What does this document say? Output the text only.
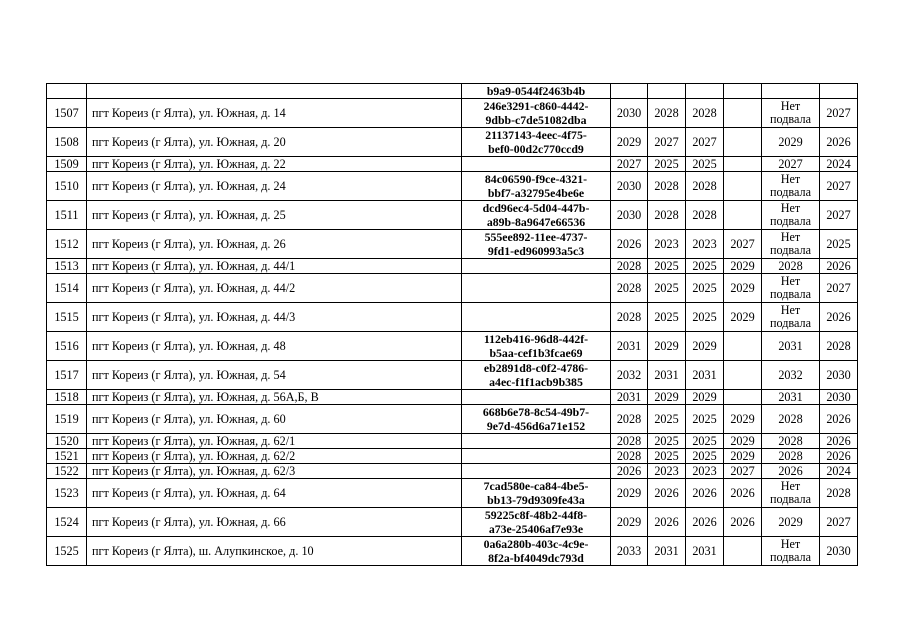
		b9a9-0544f2463b4b						

1507	пгт Кореиз (г Ялта), ул. Южная, д. 14	246e3291-c860-4442-
9dbb-c7de51082dba	2030	2028	2028		Нет подвала	2027
1508	пгт Кореиз (г Ялта), ул. Южная, д. 20	21137143-4eec-4f75-
bef0-00d2c770ccd9	2029	2027	2027		2029	2026
1509	пгт Кореиз (г Ялта), ул. Южная, д. 22		2027	2025	2025		2027	2024
1510	пгт Кореиз (г Ялта), ул. Южная, д. 24	84c06590-f9ce-4321-
bbf7-a32795e4be6e	2030	2028	2028		Нет подвала	2027
1511	пгт Кореиз (г Ялта), ул. Южная, д. 25	dcd96ec4-5d04-447b-
a89b-8a9647e66536	2030	2028	2028		Нет подвала	2027
1512	пгт Кореиз (г Ялта), ул. Южная, д. 26	555ee892-11ee-4737-
9fd1-ed960993a5c3	2026	2023	2023	2027	Нет подвала	2025
1513	пгт Кореиз (г Ялта), ул. Южная, д. 44/1		2028	2025	2025	2029	2028	2026
1514	пгт Кореиз (г Ялта), ул. Южная, д. 44/2		2028	2025	2025	2029	Нет подвала	2027
1515	пгт Кореиз (г Ялта), ул. Южная, д. 44/3		2028	2025	2025	2029	Нет подвала	2026
1516	пгт Кореиз (г Ялта), ул. Южная, д. 48	112eb416-96d8-442f-
b5aa-cef1b3fcae69	2031	2029	2029		2031	2028
1517	пгт Кореиз (г Ялта), ул. Южная, д. 54	eb2891d8-c0f2-4786-
a4ec-f1f1acb9b385	2032	2031	2031		2032	2030
1518	пгт Кореиз (г Ялта), ул. Южная, д. 56А,Б, В		2031	2029	2029		2031	2030
1519	пгт Кореиз (г Ялта), ул. Южная, д. 60	668b6e78-8c54-49b7-
9e7d-456d6a71e152	2028	2025	2025	2029	2028	2026
1520	пгт Кореиз (г Ялта), ул. Южная, д. 62/1		2028	2025	2025	2029	2028	2026
1521	пгт Кореиз (г Ялта), ул. Южная, д. 62/2		2028	2025	2025	2029	2028	2026
1522	пгт Кореиз (г Ялта), ул. Южная, д. 62/3		2026	2023	2023	2027	2026	2024
1523	пгт Кореиз (г Ялта), ул. Южная, д. 64	7cad580e-ca84-4be5-
bb13-79d9309fe43a	2029	2026	2026	2026	Нет подвала	2028
1524	пгт Кореиз (г Ялта), ул. Южная, д. 66	59225c8f-48b2-44f8-
a73e-25406af7e93e	2029	2026	2026	2026	2029	2027
1525	пгт Кореиз (г Ялта), ш. Алупкинское, д. 10	0a6a280b-403c-4c9e-
8f2a-bf4049dc793d	2033	2031	2031		Нет подвала	2030
